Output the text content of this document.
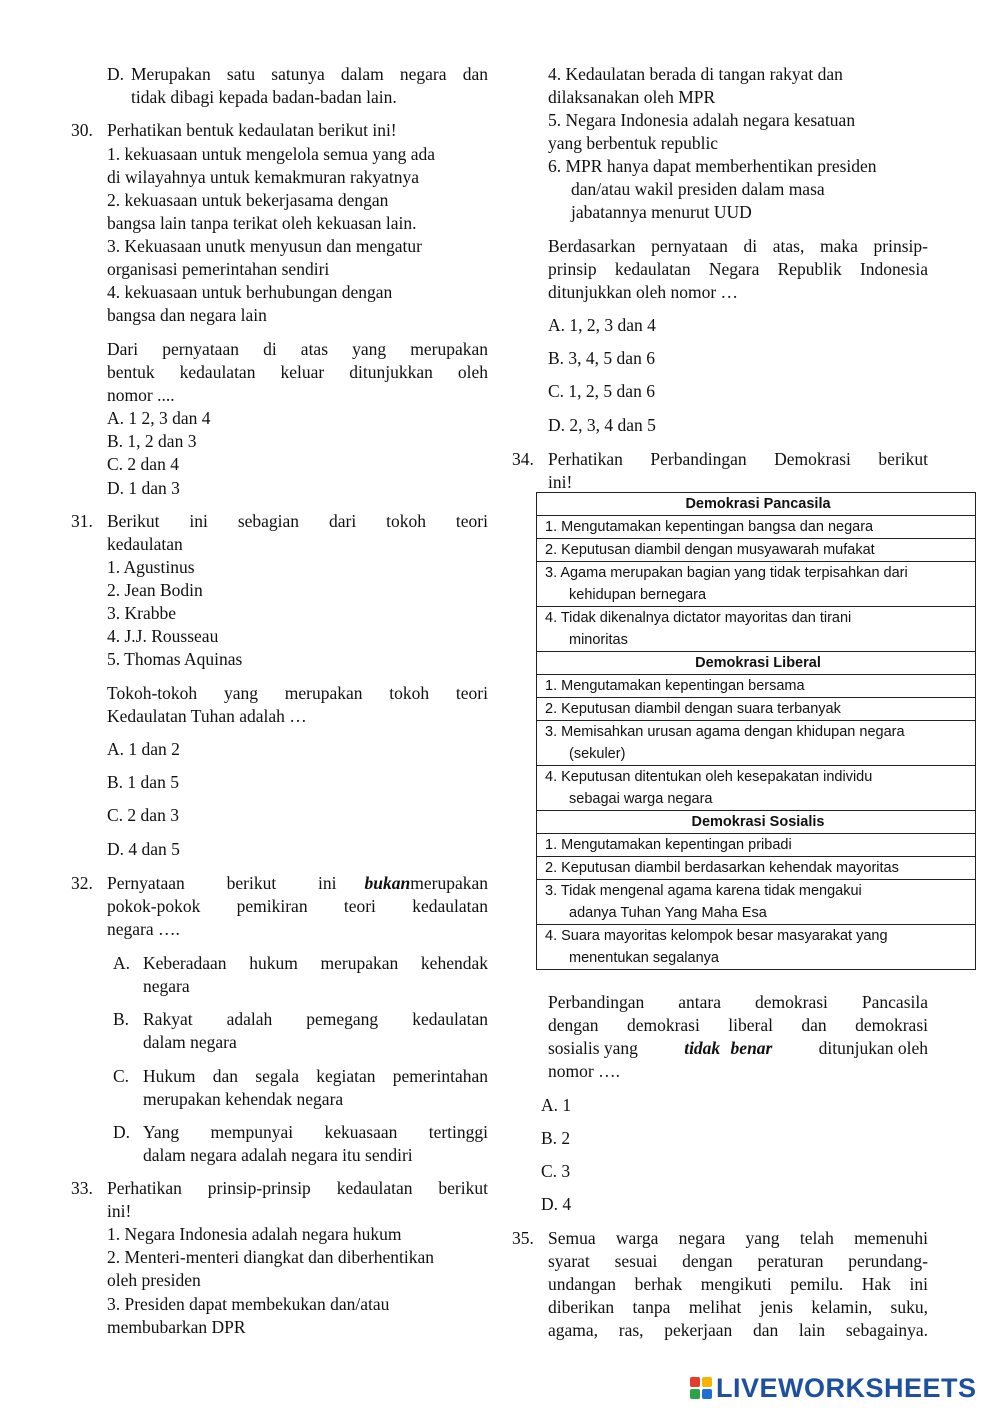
D. Merupakan satu satunya dalam negara dan
tidak dibagi kepada badan-badan lain.
30. Perhatikan bentuk kedaulatan berikut ini!
1. kekuasaan untuk mengelola semua yang ada
di wilayahnya untuk kemakmuran rakyatnya
2. kekuasaan untuk bekerjasama dengan
bangsa lain tanpa terikat oleh kekuasan lain.
3. Kekuasaan unutk menyusun dan mengatur
organisasi pemerintahan sendiri
4. kekuasaan untuk berhubungan dengan
bangsa dan negara lain
Dari pernyataan di atas yang merupakan
bentuk kedaulatan keluar ditunjukkan oleh
nomor ....
A. 1 2, 3 dan 4
B. 1, 2 dan 3
C. 2 dan 4
D. 1 dan 3
31. Berikut ini sebagian dari tokoh teori
kedaulatan
1. Agustinus
2. Jean Bodin
3. Krabbe
4. J.J. Rousseau
5. Thomas Aquinas
Tokoh-tokoh yang merupakan tokoh teori
Kedaulatan Tuhan adalah …
A. 1 dan 2
B. 1 dan 5
C. 2 dan 3
D. 4 dan 5
32. Pernyataan berikut ini bukan merupakan
pokok-pokok pemikiran teori kedaulatan
negara ….
A. Keberadaan hukum merupakan kehendak
negara
B. Rakyat adalah pemegang kedaulatan
dalam negara
C. Hukum dan segala kegiatan pemerintahan
merupakan kehendak negara
D. Yang mempunyai kekuasaan tertinggi
dalam negara adalah negara itu sendiri
33. Perhatikan prinsip-prinsip kedaulatan berikut
ini!
1. Negara Indonesia adalah negara hukum
2. Menteri-menteri diangkat dan diberhentikan
oleh presiden
3. Presiden dapat membekukan dan/atau
membubarkan DPR
4. Kedaulatan berada di tangan rakyat dan
dilaksanakan oleh MPR
5. Negara Indonesia adalah negara kesatuan
yang berbentuk republic
6. MPR hanya dapat memberhentikan presiden
dan/atau wakil presiden dalam masa
jabatannya menurut UUD
Berdasarkan pernyataan di atas, maka prinsip-
prinsip kedaulatan Negara Republik Indonesia
ditunjukkan oleh nomor …
A. 1, 2, 3 dan 4
B. 3, 4, 5 dan 6
C. 1, 2, 5 dan 6
D. 2, 3, 4 dan 5
34. Perhatikan Perbandingan Demokrasi berikut
ini!
Demokrasi Pancasila
1. Mengutamakan kepentingan bangsa dan negara
2. Keputusan diambil dengan musyawarah mufakat
3. Agama merupakan bagian yang tidak terpisahkan dari
kehidupan bernegara

4. Tidak dikenalnya dictator mayoritas dan tirani
minoritas

Demokrasi Liberal
1. Mengutamakan kepentingan bersama
2. Keputusan diambil dengan suara terbanyak
3. Memisahkan urusan agama dengan khidupan negara
(sekuler)

4. Keputusan ditentukan oleh kesepakatan individu
sebagai warga negara

Demokrasi Sosialis
1. Mengutamakan kepentingan pribadi
2. Keputusan diambil berdasarkan kehendak mayoritas
3. Tidak mengenal agama karena tidak mengakui
adanya Tuhan Yang Maha Esa

4. Suara mayoritas kelompok besar masyarakat yang
menentukan segalanya
Perbandingan antara demokrasi Pancasila
dengan demokrasi liberal dan demokrasi
sosialis yang	tidak benar	ditunjukan oleh
nomor ….
A. 1
B. 2
C. 3
D. 4
35. Semua warga negara yang telah memenuhi
syarat sesuai dengan peraturan perundang-
undangan berhak mengikuti pemilu. Hak ini
diberikan tanpa melihat jenis kelamin, suku,
agama, ras, pekerjaan dan lain sebagainya.
LIVEWORKSHEETS
